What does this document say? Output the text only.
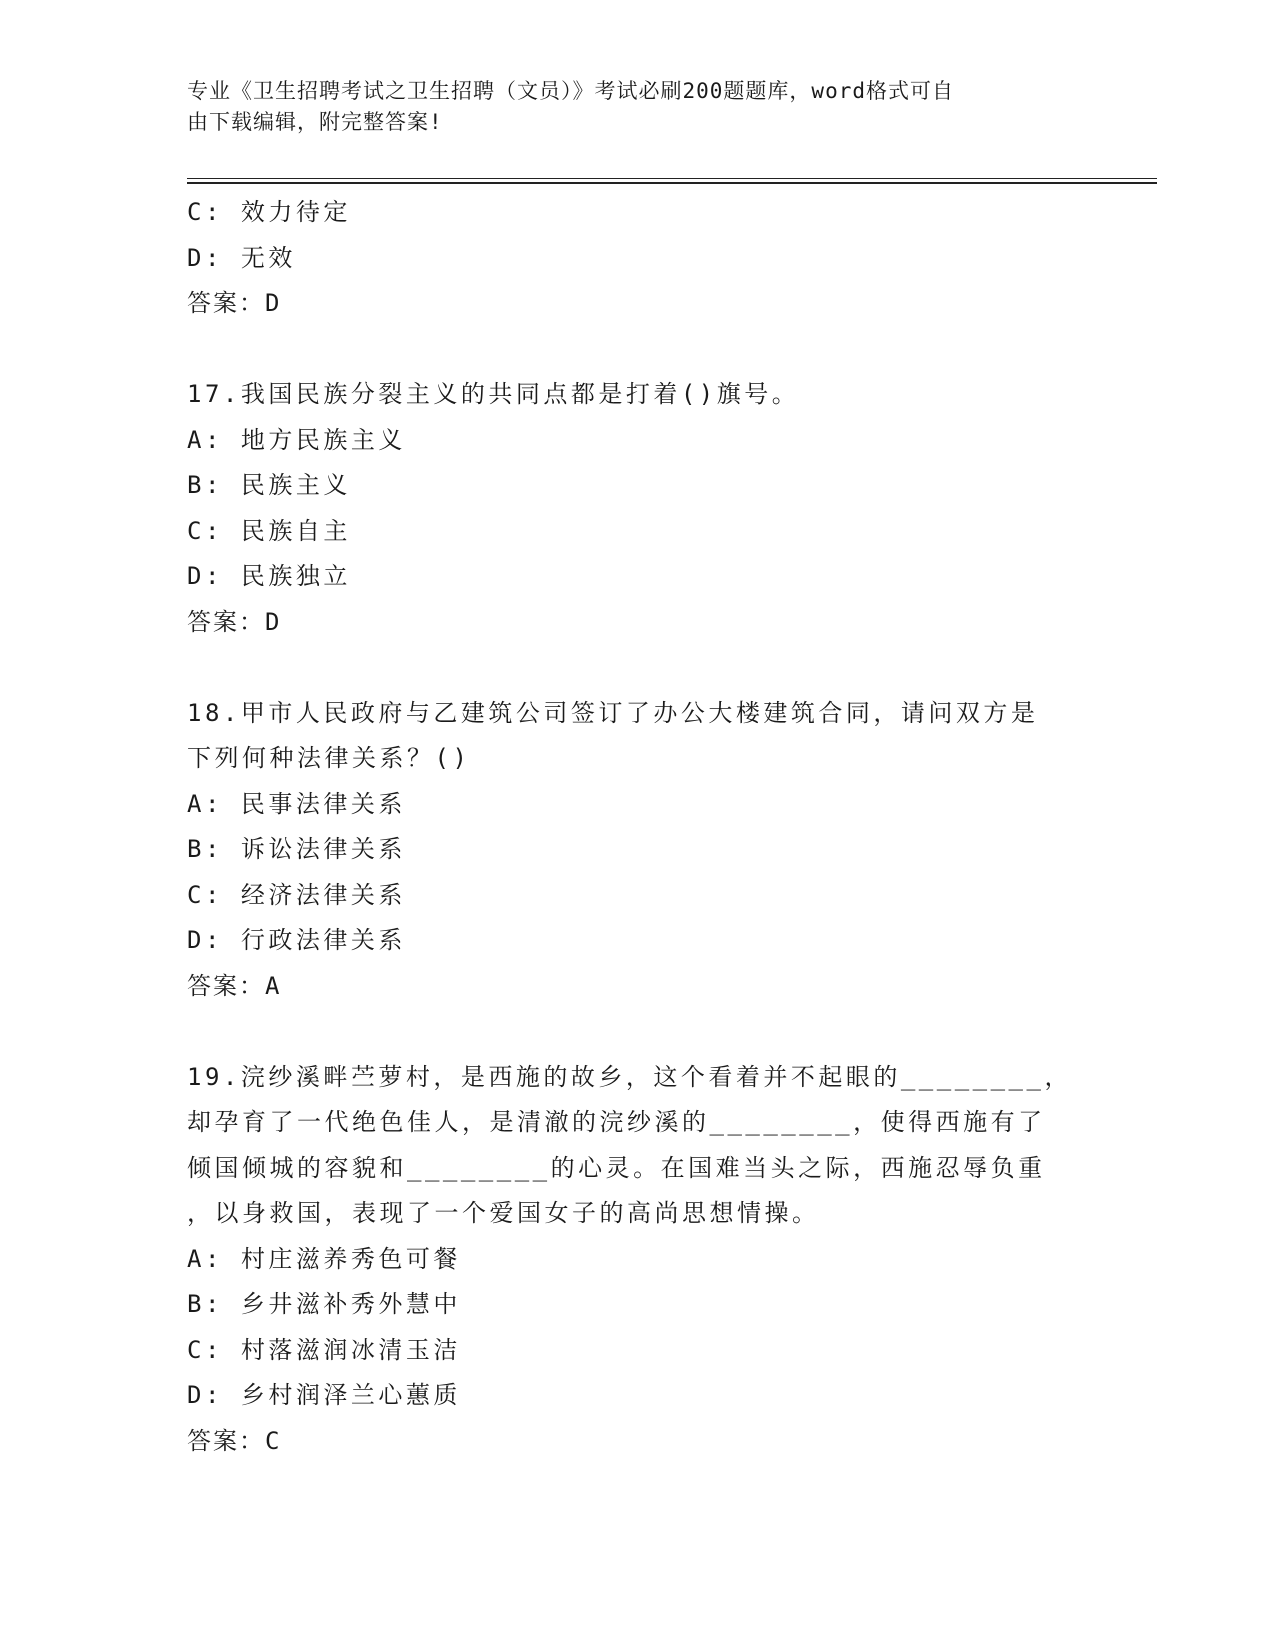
专业《卫生招聘考试之卫生招聘（文员）》考试必刷200题题库，word格式可自
由下载编辑，附完整答案!
C: 效力待定
D: 无效
答案：D
17.我国民族分裂主义的共同点都是打着()旗号。
A: 地方民族主义
B: 民族主义
C: 民族自主
D: 民族独立
答案：D
18.甲市人民政府与乙建筑公司签订了办公大楼建筑合同，请问双方是
下列何种法律关系？()
A: 民事法律关系
B: 诉讼法律关系
C: 经济法律关系
D: 行政法律关系
答案：A
19.浣纱溪畔苎萝村，是西施的故乡，这个看着并不起眼的________，
却孕育了一代绝色佳人，是清澈的浣纱溪的________，使得西施有了
倾国倾城的容貌和________的心灵。在国难当头之际，西施忍辱负重
，以身救国，表现了一个爱国女子的高尚思想情操。
A: 村庄滋养秀色可餐
B: 乡井滋补秀外慧中
C: 村落滋润冰清玉洁
D: 乡村润泽兰心蕙质
答案：C
